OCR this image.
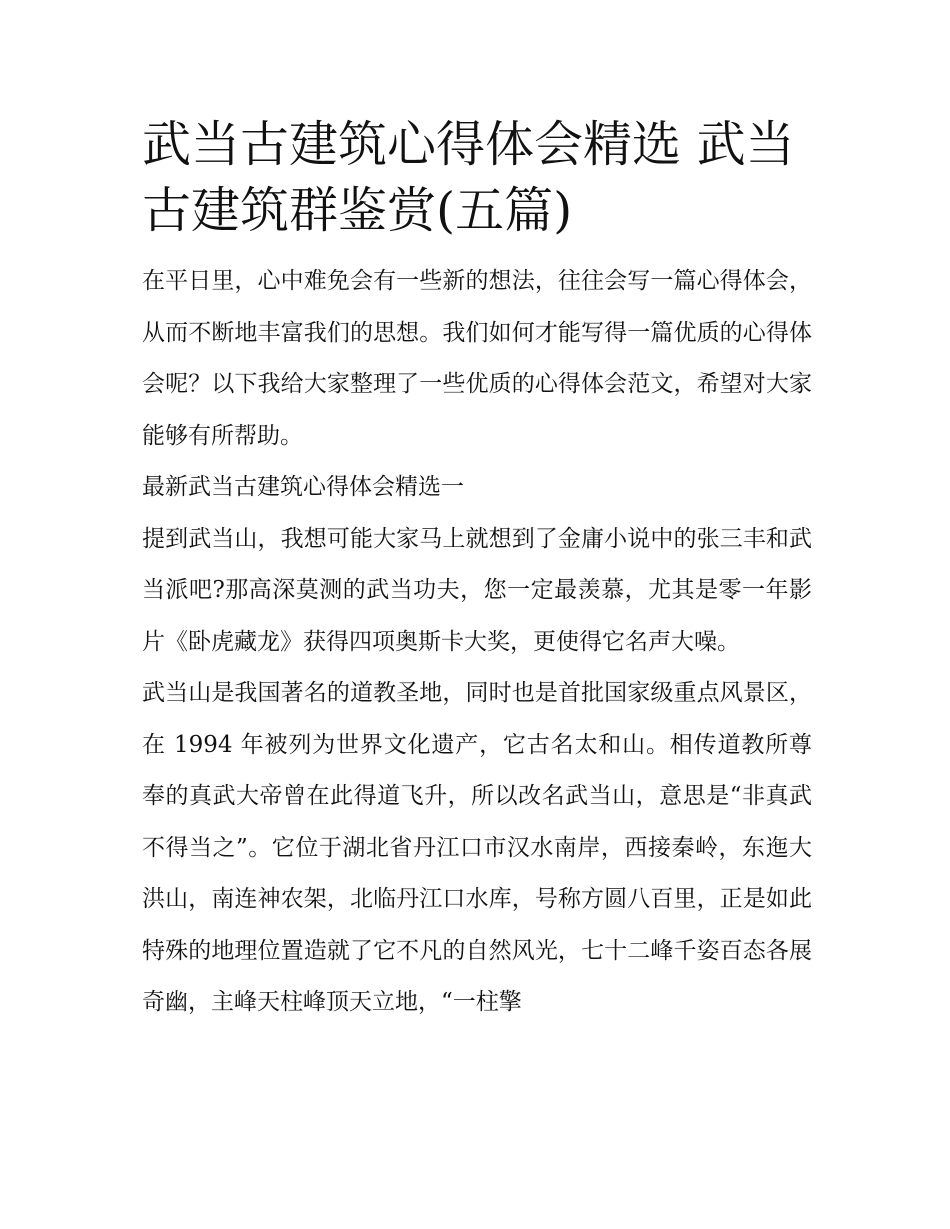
武当古建筑心得体会精选 武当古建筑群鉴赏(五篇)

在平日里，心中难免会有一些新的想法，往往会写一篇心得体会，从而不断地丰富我们的思想。我们如何才能写得一篇优质的心得体会呢？以下我给大家整理了一些优质的心得体会范文，希望对大家能够有所帮助。

最新武当古建筑心得体会精选一

提到武当山，我想可能大家马上就想到了金庸小说中的张三丰和武当派吧?那高深莫测的武当功夫，您一定最羡慕，尤其是零一年影片《卧虎藏龙》获得四项奥斯卡大奖，更使得它名声大噪。

武当山是我国著名的道教圣地，同时也是首批国家级重点风景区，在 1994 年被列为世界文化遗产，它古名太和山。相传道教所尊奉的真武大帝曾在此得道飞升，所以改名武当山，意思是“非真武不得当之”。它位于湖北省丹江口市汉水南岸，西接秦岭，东迤大洪山，南连神农架，北临丹江口水库，号称方圆八百里，正是如此特殊的地理位置造就了它不凡的自然风光，七十二峰千姿百态各展奇幽，主峰天柱峰顶天立地，“一柱擎
